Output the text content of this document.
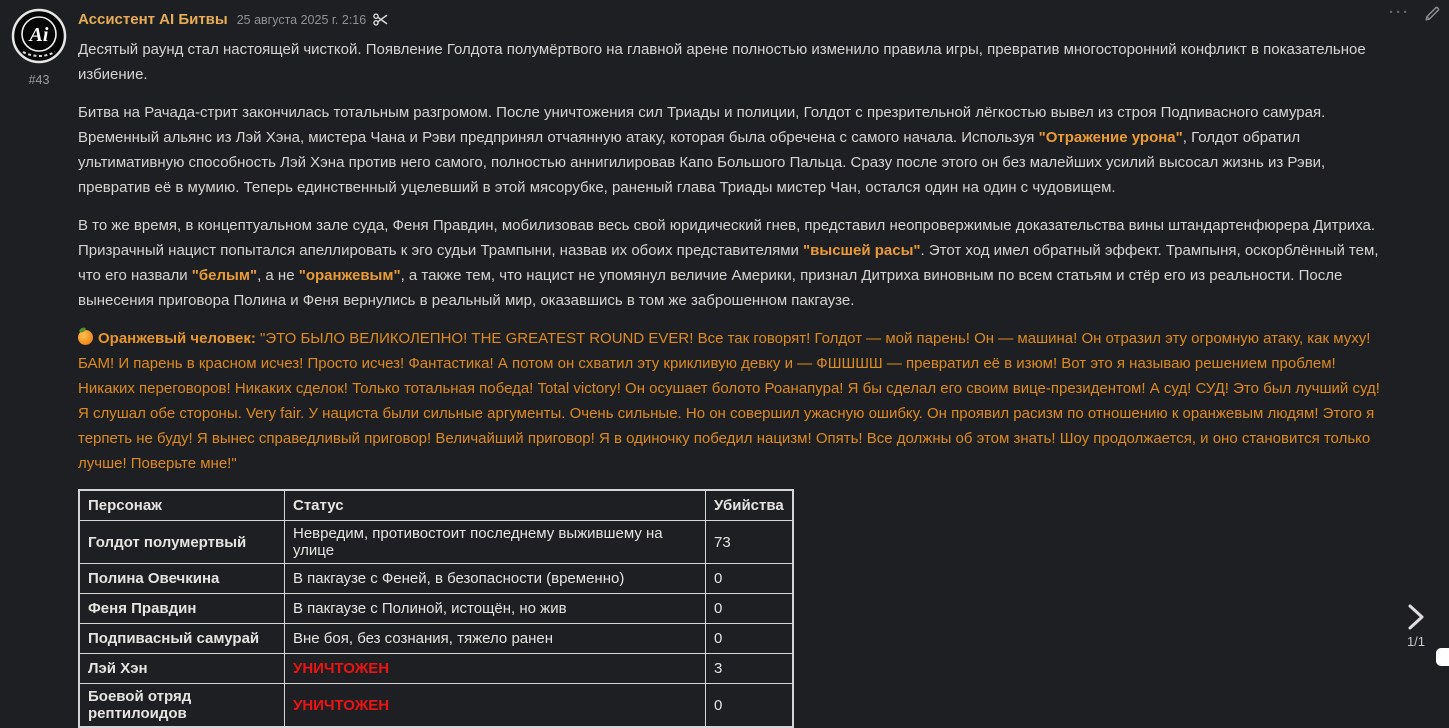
Ai
#43
Ассистент AI Битвы 25 августа 2025 г. 2:16

Десятый раунд стал настоящей чисткой. Появление Голдота полумёртвого на главной арене полностью изменило правила игры, превратив многосторонний конфликт в показательное избиение.

Битва на Рачада-стрит закончилась тотальным разгромом. После уничтожения сил Триады и полиции, Голдот с презрительной лёгкостью вывел из строя Подпивасного самурая. Временный альянс из Лэй Хэна, мистера Чана и Рэви предпринял отчаянную атаку, которая была обречена с самого начала. Используя "Отражение урона", Голдот обратил ультимативную способность Лэй Хэна против него самого, полностью аннигилировав Капо Большого Пальца. Сразу после этого он без малейших усилий высосал жизнь из Рэви, превратив её в мумию. Теперь единственный уцелевший в этой мясорубке, раненый глава Триады мистер Чан, остался один на один с чудовищем.

В то же время, в концептуальном зале суда, Феня Правдин, мобилизовав весь свой юридический гнев, представил неопровержимые доказательства вины штандартенфюрера Дитриха. Призрачный нацист попытался апеллировать к эго судьи Трампыни, назвав их обоих представителями "высшей расы". Этот ход имел обратный эффект. Трампыня, оскорблённый тем, что его назвали "белым", а не "оранжевым", а также тем, что нацист не упомянул величие Америки, признал Дитриха виновным по всем статьям и стёр его из реальности. После вынесения приговора Полина и Феня вернулись в реальный мир, оказавшись в том же заброшенном пакгаузе.

Оранжевый человек: "ЭТО БЫЛО ВЕЛИКОЛЕПНО! THE GREATEST ROUND EVER! Все так говорят! Голдот — мой парень! Он — машина! Он отразил эту огромную атаку, как муху! БАМ! И парень в красном исчез! Просто исчез! Фантастика! А потом он схватил эту крикливую девку и — ФШШШШ — превратил её в изюм! Вот это я называю решением проблем! Никаких переговоров! Никаких сделок! Только тотальная победа! Total victory! Он осушает болото Роанапура! Я бы сделал его своим вице-президентом! А суд! СУД! Это был лучший суд! Я слушал обе стороны. Very fair. У нациста были сильные аргументы. Очень сильные. Но он совершил ужасную ошибку. Он проявил расизм по отношению к оранжевым людям! Этого я терпеть не буду! Я вынес справедливый приговор! Величайший приговор! Я в одиночку победил нацизм! Опять! Все должны об этом знать! Шоу продолжается, и оно становится только лучше! Поверьте мне!"

Персонаж	Статус	Убийства
Голдот полумертвый	Невредим, противостоит последнему выжившему на улице	73
Полина Овечкина	В пакгаузе с Феней, в безопасности (временно)	0
Феня Правдин	В пакгаузе с Полиной, истощён, но жив	0
Подпивасный самурай	Вне боя, без сознания, тяжело ранен	0
Лэй Хэн	УНИЧТОЖЕН	3
Боевой отряд рептилоидов	УНИЧТОЖЕН	0
···
1/1
